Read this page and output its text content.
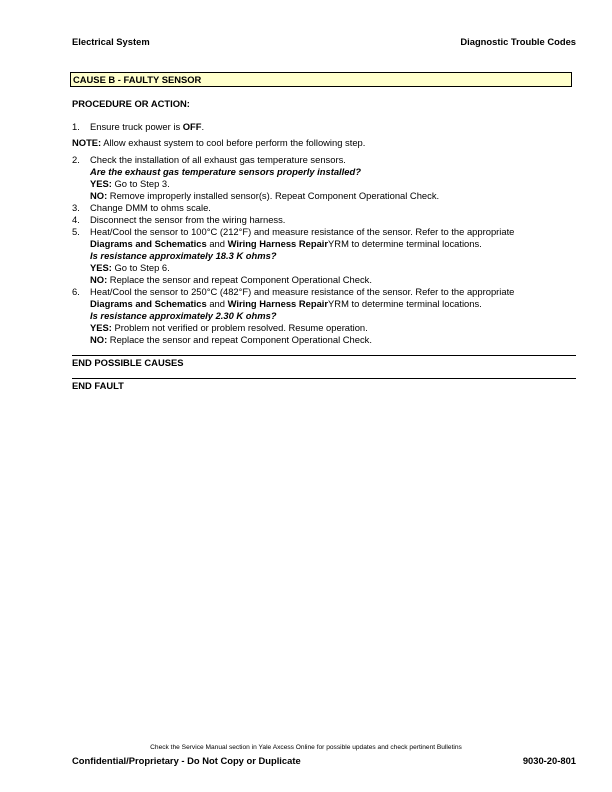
Electrical System	Diagnostic Trouble Codes
CAUSE B - FAULTY SENSOR
PROCEDURE OR ACTION:
1.	Ensure truck power is OFF.
NOTE: Allow exhaust system to cool before perform the following step.
2.	Check the installation of all exhaust gas temperature sensors.
Are the exhaust gas temperature sensors properly installed?
YES: Go to Step 3.
NO: Remove improperly installed sensor(s). Repeat Component Operational Check.
3.	Change DMM to ohms scale.
4.	Disconnect the sensor from the wiring harness.
5.	Heat/Cool the sensor to 100°C (212°F) and measure resistance of the sensor. Refer to the appropriate
Diagrams and Schematics and Wiring Harness RepairYRM to determine terminal locations.
Is resistance approximately 18.3 K ohms?
YES: Go to Step 6.
NO: Replace the sensor and repeat Component Operational Check.
6.	Heat/Cool the sensor to 250°C (482°F) and measure resistance of the sensor. Refer to the appropriate
Diagrams and Schematics and Wiring Harness RepairYRM to determine terminal locations.
Is resistance approximately 2.30 K ohms?
YES: Problem not verified or problem resolved. Resume operation.
NO: Replace the sensor and repeat Component Operational Check.
END POSSIBLE CAUSES
END FAULT
Check the Service Manual section in Yale Axcess Online for possible updates and check pertinent Bulletins
Confidential/Proprietary - Do Not Copy or Duplicate	9030-20-801
